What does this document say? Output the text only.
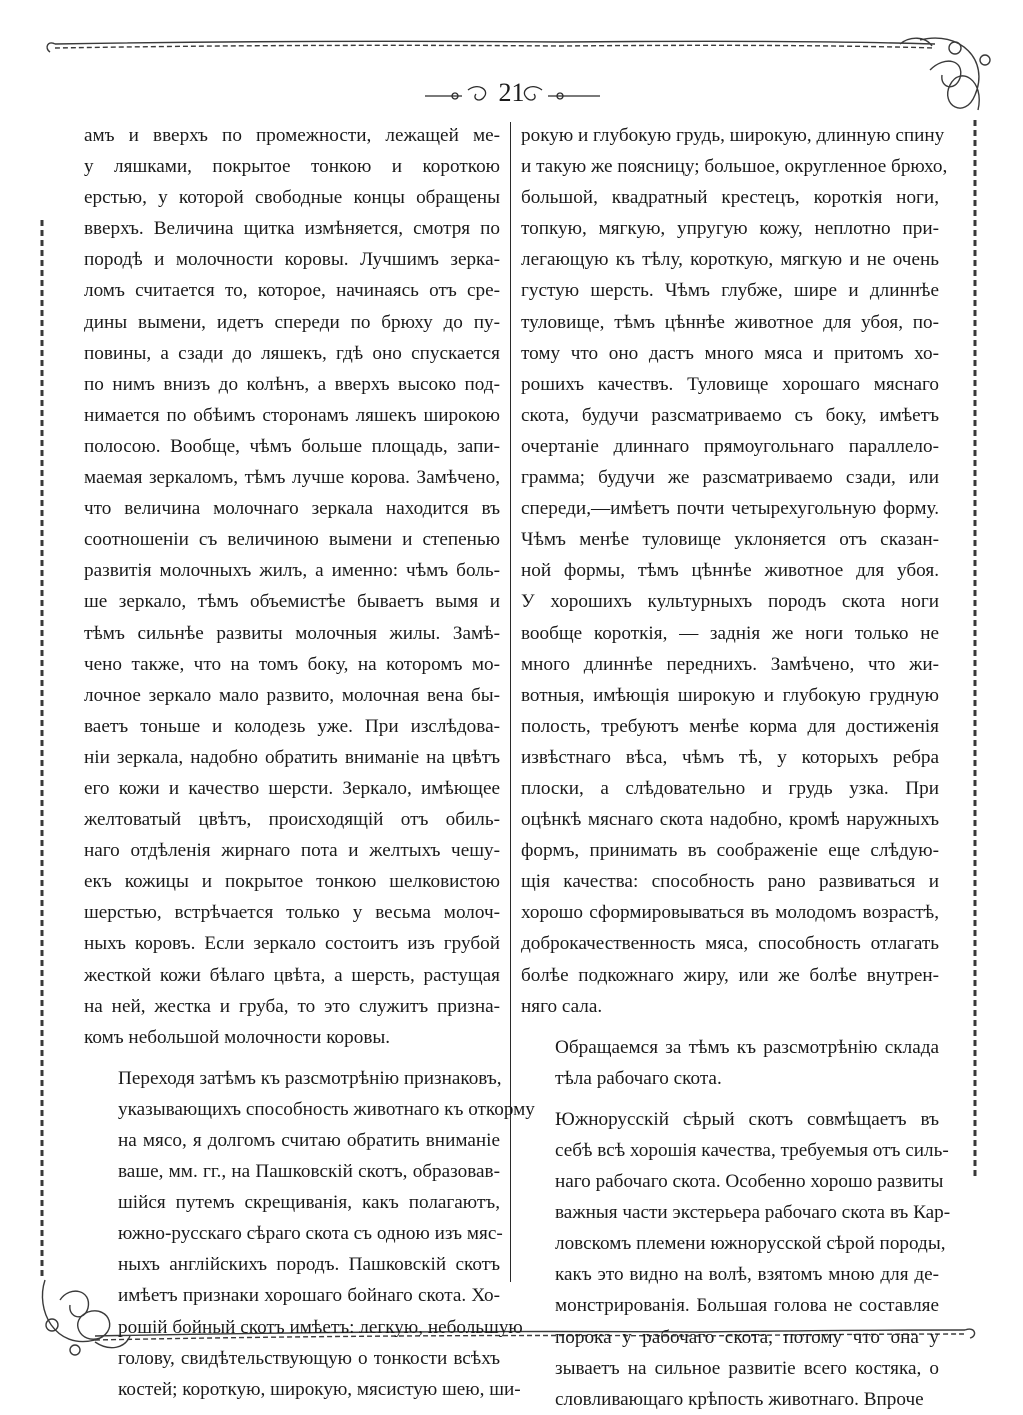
21

амъ и вверхъ по промежности, лежащей ме-
у ляшками, покрытое тонкою и короткою
ерстью, у которой свободные концы обращены
вверхъ. Величина щитка измѣняется, смотря по
породѣ и молочности коровы. Лучшимъ зерка-
ломъ считается то, которое, начинаясь отъ сре-
дины вымени, идетъ спереди по брюху до пу-
повины, а сзади до ляшекъ, гдѣ оно спускается
по нимъ внизъ до колѣнъ, а вверхъ высоко под-
нимается по обѣимъ сторонамъ ляшекъ широкою
полосою. Вообще, чѣмъ больше площадь, запи-
маемая зеркаломъ, тѣмъ лучше корова. Замѣчено,
что величина молочнаго зеркала находится въ
соотношеніи съ величиною вымени и степенью
развитія молочныхъ жилъ, а именно: чѣмъ боль-
ше зеркало, тѣмъ объемистѣе бываетъ вымя и
тѣмъ сильнѣе развиты молочныя жилы. Замѣ-
чено также, что на томъ боку, на которомъ мо-
лочное зеркало мало развито, молочная вена бы-
ваетъ тоньше и колодезь уже. При изслѣдова-
ніи зеркала, надобно обратить вниманіе на цвѣтъ
его кожи и качество шерсти. Зеркало, имѣющее
желтоватый цвѣтъ, происходящій отъ обиль-
наго отдѣленія жирнаго пота и желтыхъ чешу-
екъ кожицы и покрытое тонкою шелковистою
шерстью, встрѣчается только у весьма молоч-
ныхъ коровъ. Если зеркало состоитъ изъ грубой
жесткой кожи бѣлаго цвѣта, а шерсть, растущая
на ней, жестка и груба, то это служитъ призна-
комъ небольшой молочности коровы.

Переходя затѣмъ къ разсмотрѣнію признаковъ,
указывающихъ способность животнаго къ откорму
на мясо, я долгомъ считаю обратить вниманіе
ваше, мм. гг., на Пашковскій скотъ, образовав-
шійся путемъ скрещиванія, какъ полагаютъ,
южно-русскаго сѣраго скота съ одною изъ мяс-
ныхъ англійскихъ породъ. Пашковскій скотъ
имѣетъ признаки хорошаго бойнаго скота. Хо-
рошій бойный скотъ имѣетъ: легкую, небольшую
голову, свидѣтельствующую о тонкости всѣхъ
костей; короткую, широкую, мясистую шею, ши-

рокую и глубокую грудь, широкую, длинную спину
и такую же поясницу; большое, округленное брюхо,
большой, квадратный крестецъ, короткія ноги,
топкую, мягкую, упругую кожу, неплотно при-
легающую къ тѣлу, короткую, мягкую и не очень
густую шерсть. Чѣмъ глубже, шире и длиннѣе
туловище, тѣмъ цѣннѣе животное для убоя, по-
тому что оно дастъ много мяса и притомъ хо-
рошихъ качествъ. Туловище хорошаго мяснаго
скота, будучи разсматриваемо съ боку, имѣетъ
очертаніе длиннаго прямоугольнаго параллело-
грамма; будучи же разсматриваемо сзади, или
спереди,—имѣетъ почти четырехугольную форму.
Чѣмъ менѣе туловище уклоняется отъ сказан-
ной формы, тѣмъ цѣннѣе животное для убоя.
У хорошихъ культурныхъ породъ скота ноги
вообще короткія, — заднія же ноги только не
много длиннѣе переднихъ. Замѣчено, что жи-
вотныя, имѣющія широкую и глубокую грудную
полость, требуютъ менѣе корма для достиженія
извѣстнаго вѣса, чѣмъ тѣ, у которыхъ ребра
плоски, а слѣдовательно и грудь узка. При
оцѣнкѣ мяснаго скота надобно, кромѣ наружныхъ
формъ, принимать въ соображеніе еще слѣдую-
щія качества: способность рано развиваться и
хорошо сформировываться въ молодомъ возрастѣ,
доброкачественность мяса, способность отлагать
болѣе подкожнаго жиру, или же болѣе внутрен-
няго сала.

Обращаемся за тѣмъ къ разсмотрѣнію склада
тѣла рабочаго скота.

Южнорусскій сѣрый скотъ совмѣщаетъ въ
себѣ всѣ хорошія качества, требуемыя отъ силь-
наго рабочаго скота. Особенно хорошо развиты
важныя части экстерьера рабочаго скота въ Кар-
ловскомъ племени южнорусской сѣрой породы,
какъ это видно на волѣ, взятомъ мною для де-
монстрированія. Большая голова не составляе
порока у рабочаго скота, потому что она у
зываетъ на сильное развитіе всего костяка, о
словливающаго крѣпость животнаго. Впроче
